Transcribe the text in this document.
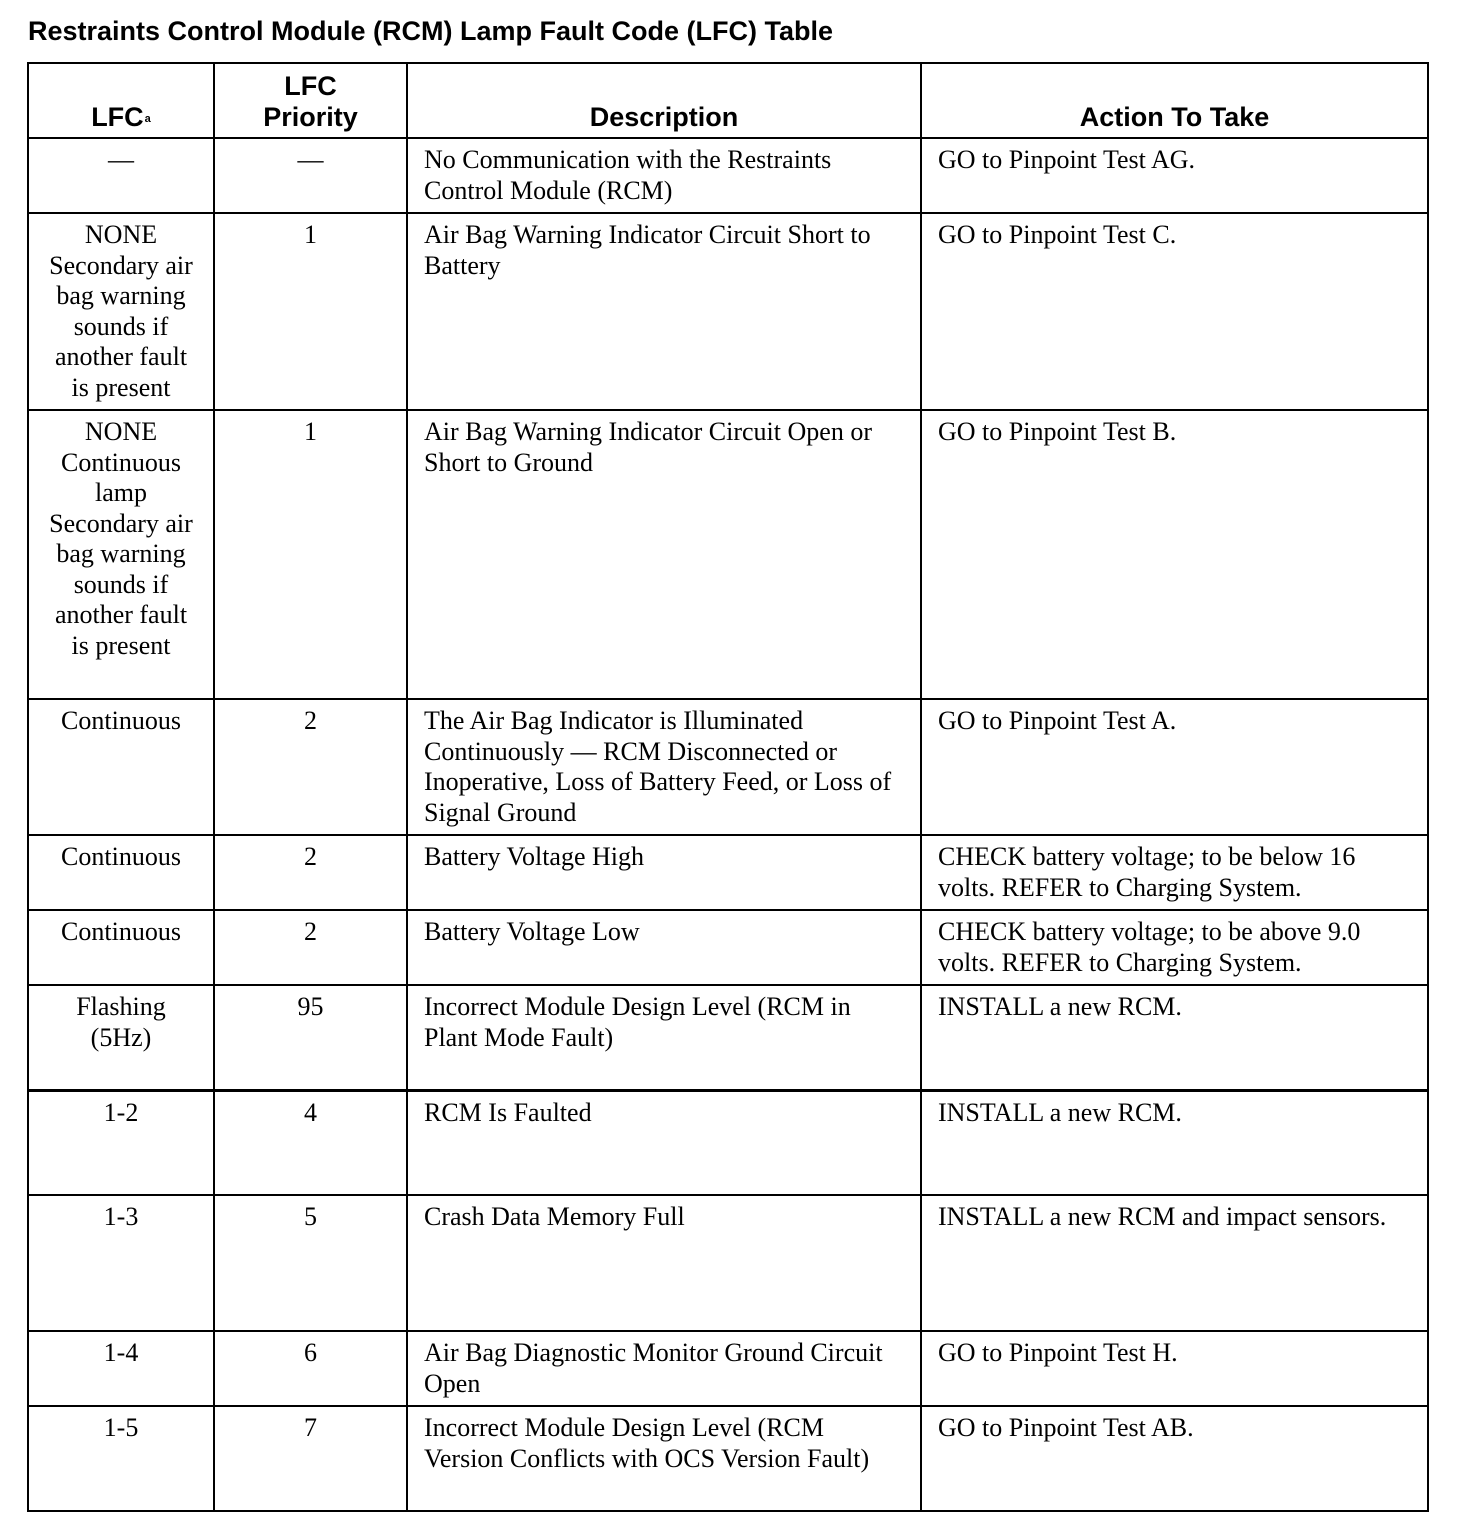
Restraints Control Module (RCM) Lamp Fault Code (LFC) Table
LFC$^a$	LFC Priority	Description	Action To Take
—	—	No Communication with the Restraints Control Module (RCM)	GO to Pinpoint Test AG.
NONE Secondary air bag warning sounds if another fault is present	1	Air Bag Warning Indicator Circuit Short to Battery	GO to Pinpoint Test C.
NONE Continuous lamp Secondary air bag warning sounds if another fault is present	1	Air Bag Warning Indicator Circuit Open or Short to Ground	GO to Pinpoint Test B.
Continuous	2	The Air Bag Indicator is Illuminated Continuously — RCM Disconnected or Inoperative, Loss of Battery Feed, or Loss of Signal Ground	GO to Pinpoint Test A.
Continuous	2	Battery Voltage High	CHECK battery voltage; to be below 16 volts. REFER to Charging System.
Continuous	2	Battery Voltage Low	CHECK battery voltage; to be above 9.0 volts. REFER to Charging System.
Flashing (5Hz)	95	Incorrect Module Design Level (RCM in Plant Mode Fault)	INSTALL a new RCM.
1-2	4	RCM Is Faulted	INSTALL a new RCM.
1-3	5	Crash Data Memory Full	INSTALL a new RCM and impact sensors.
1-4	6	Air Bag Diagnostic Monitor Ground Circuit Open	GO to Pinpoint Test H.
1-5	7	Incorrect Module Design Level (RCM Version Conflicts with OCS Version Fault)	GO to Pinpoint Test AB.
